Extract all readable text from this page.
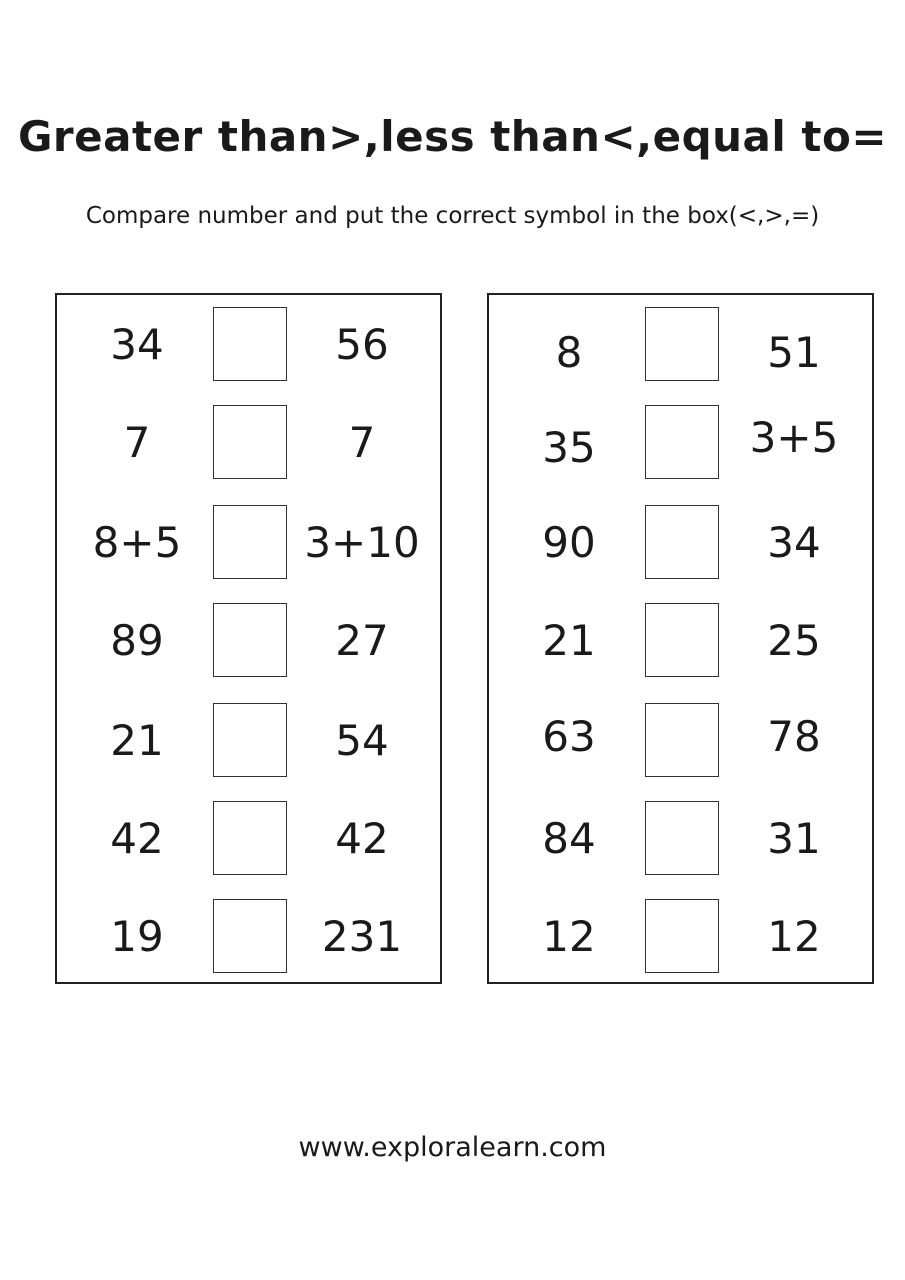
Greater than>,less than<,equal to=

Compare number and put the correct symbol in the box(<,>,=)

34	56
7	7
8+5	3+10
89	27
21	54
42	42
19	231
8	51
35	3+5
90	34
21	25
63	78
84	31
12	12
www.exploralearn.com
